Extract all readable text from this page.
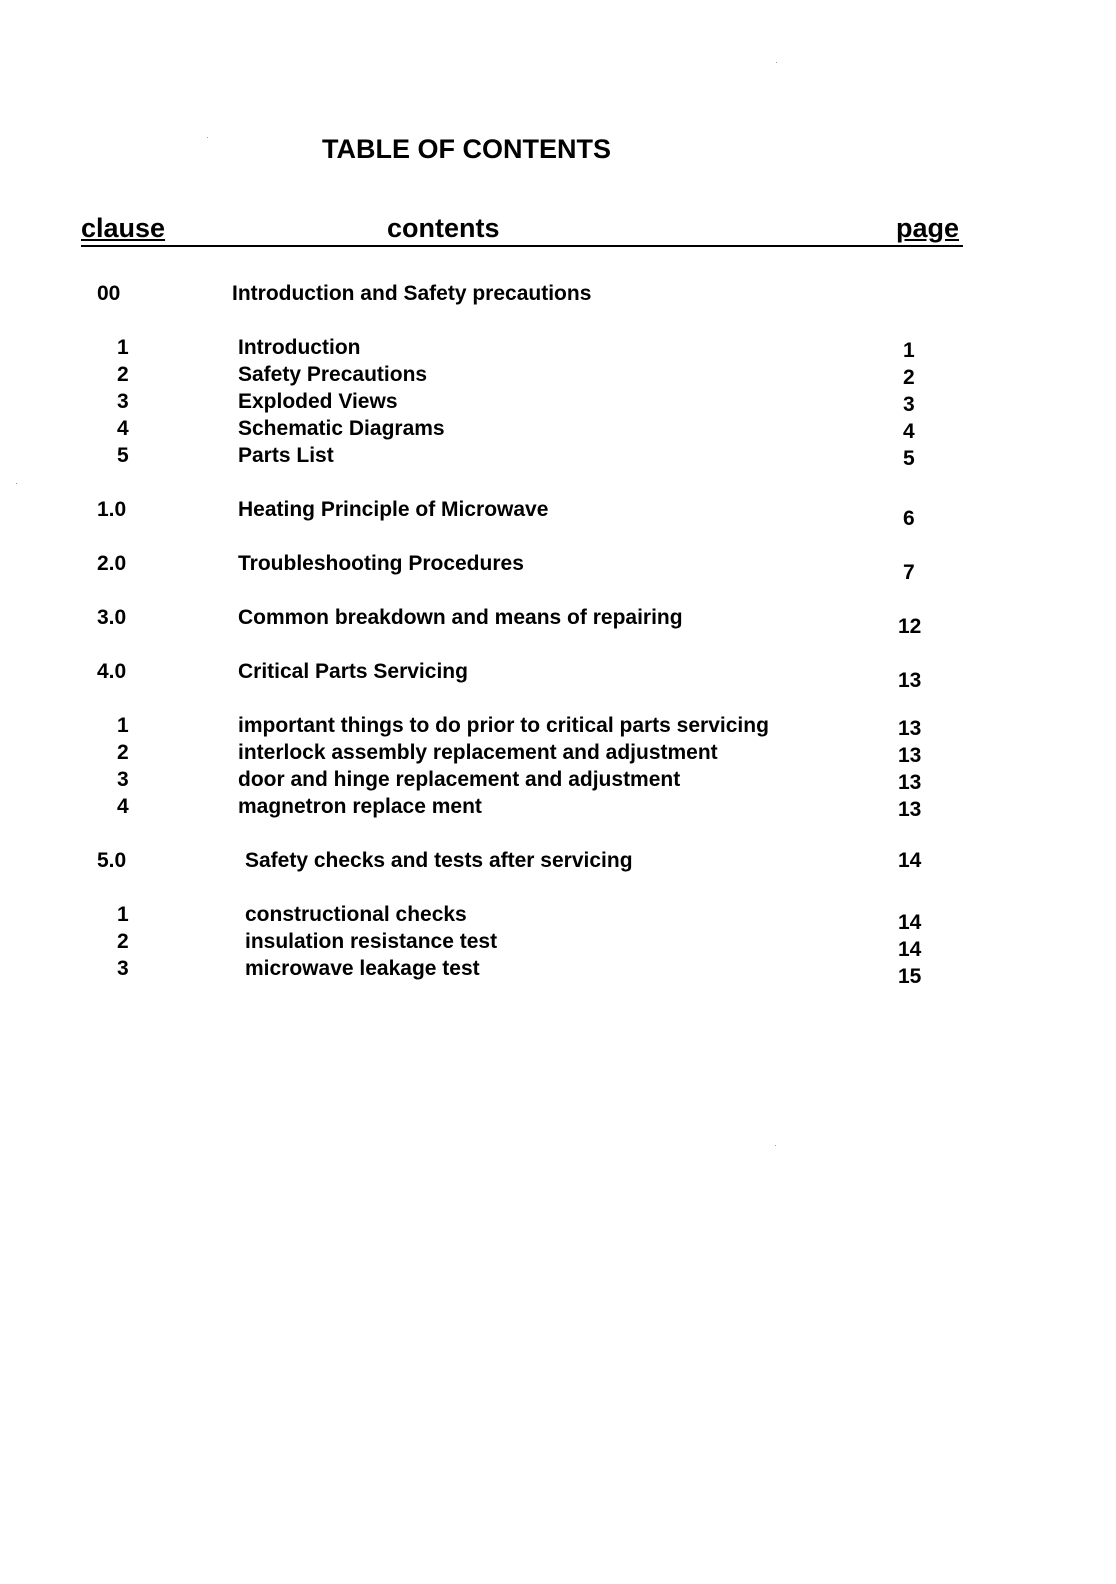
TABLE OF CONTENTS
clause	contents	page
00	Introduction and Safety precautions
1	Introduction	1
2	Safety Precautions	2
3	Exploded Views	3
4	Schematic Diagrams	4
5	Parts List	5
1.0	Heating Principle of Microwave	6
2.0	Troubleshooting Procedures	7
3.0	Common breakdown and means of repairing	12
4.0	Critical Parts Servicing	13
1	important things to do prior to critical parts servicing	13
2	interlock assembly replacement and adjustment	13
3	door and hinge replacement and adjustment	13
4	magnetron replace ment	13
5.0	Safety checks and tests after servicing	14
1	constructional checks	14
2	insulation resistance test	14
3	microwave leakage test	15
